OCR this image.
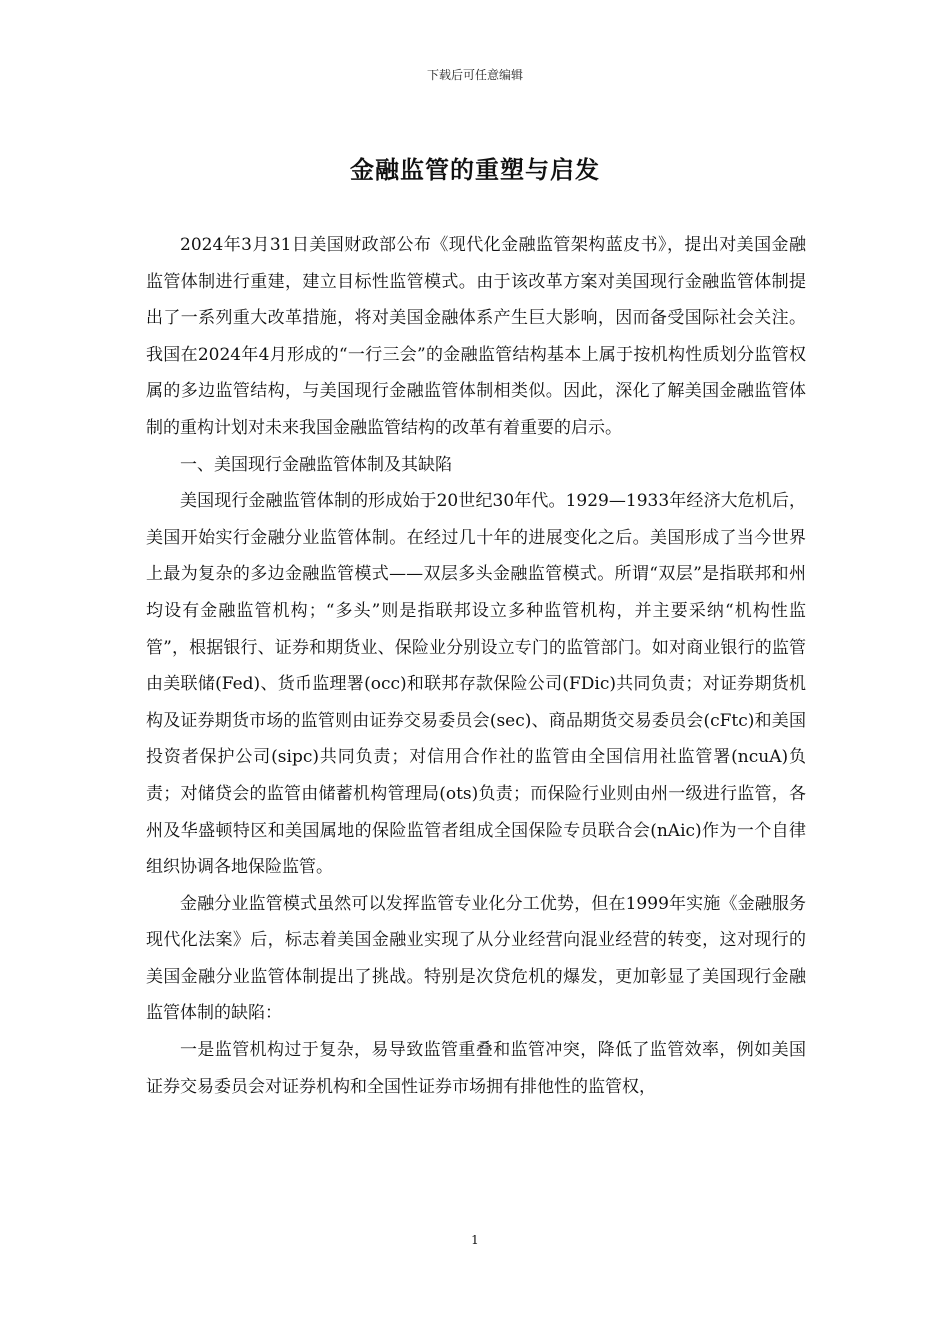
下载后可任意编辑
金融监管的重塑与启发

2024年3月31日美国财政部公布《现代化金融监管架构蓝皮书》，提出对美国金融监管体制进行重建，建立目标性监管模式。由于该改革方案对美国现行金融监管体制提出了一系列重大改革措施，将对美国金融体系产生巨大影响，因而备受国际社会关注。我国在2024年4月形成的“一行三会”的金融监管结构基本上属于按机构性质划分监管权属的多边监管结构，与美国现行金融监管体制相类似。因此，深化了解美国金融监管体制的重构计划对未来我国金融监管结构的改革有着重要的启示。

一、美国现行金融监管体制及其缺陷

美国现行金融监管体制的形成始于20世纪30年代。1929—1933年经济大危机后，美国开始实行金融分业监管体制。在经过几十年的进展变化之后。美国形成了当今世界上最为复杂的多边金融监管模式——双层多头金融监管模式。所谓“双层”是指联邦和州均设有金融监管机构；“多头”则是指联邦设立多种监管机构，并主要采纳“机构性监管”，根据银行、证券和期货业、保险业分别设立专门的监管部门。如对商业银行的监管由美联储(Fed)、货币监理署(occ)和联邦存款保险公司(FDic)共同负责；对证券期货机构及证券期货市场的监管则由证券交易委员会(sec)、商品期货交易委员会(cFtc)和美国投资者保护公司(sipc)共同负责；对信用合作社的监管由全国信用社监管署(ncuA)负责；对储贷会的监管由储蓄机构管理局(ots)负责；而保险行业则由州一级进行监管，各州及华盛顿特区和美国属地的保险监管者组成全国保险专员联合会(nAic)作为一个自律组织协调各地保险监管。

金融分业监管模式虽然可以发挥监管专业化分工优势，但在1999年实施《金融服务现代化法案》后，标志着美国金融业实现了从分业经营向混业经营的转变，这对现行的美国金融分业监管体制提出了挑战。特别是次贷危机的爆发，更加彰显了美国现行金融监管体制的缺陷：

一是监管机构过于复杂，易导致监管重叠和监管冲突，降低了监管效率，例如美国证券交易委员会对证券机构和全国性证券市场拥有排他性的监管权，

1
